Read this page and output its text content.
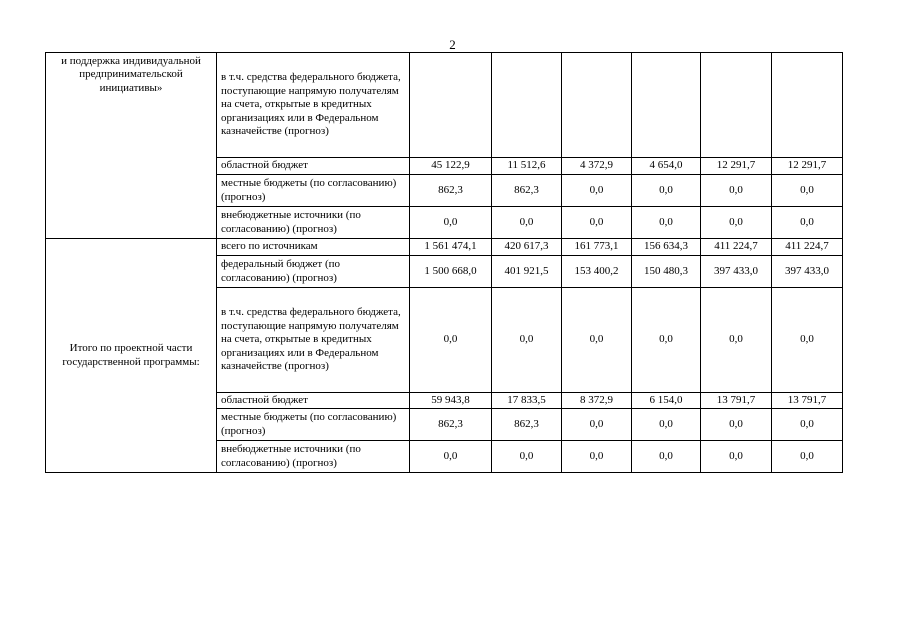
2
и поддержка индивидуальной предпринимательской инициативы»	в т.ч. средства федерального бюджета, поступающие напрямую получателям на счета, открытые в кредитных организациях или в Федеральном казначействе (прогноз)						
	областной бюджет	45 122,9	11 512,6	4 372,9	4 654,0	12 291,7	12 291,7
	местные бюджеты (по согласованию) (прогноз)	862,3	862,3	0,0	0,0	0,0	0,0
	внебюджетные источники (по согласованию) (прогноз)	0,0	0,0	0,0	0,0	0,0	0,0
Итого по проектной части государственной программы:	всего по источникам	1 561 474,1	420 617,3	161 773,1	156 634,3	411 224,7	411 224,7
	федеральный бюджет (по согласованию) (прогноз)	1 500 668,0	401 921,5	153 400,2	150 480,3	397 433,0	397 433,0
	в т.ч. средства федерального бюджета, поступающие напрямую получателям на счета, открытые в кредитных организациях или в Федеральном казначействе (прогноз)	0,0	0,0	0,0	0,0	0,0	0,0
	областной бюджет	59 943,8	17 833,5	8 372,9	6 154,0	13 791,7	13 791,7
	местные бюджеты (по согласованию) (прогноз)	862,3	862,3	0,0	0,0	0,0	0,0
	внебюджетные источники (по согласованию) (прогноз)	0,0	0,0	0,0	0,0	0,0	0,0
